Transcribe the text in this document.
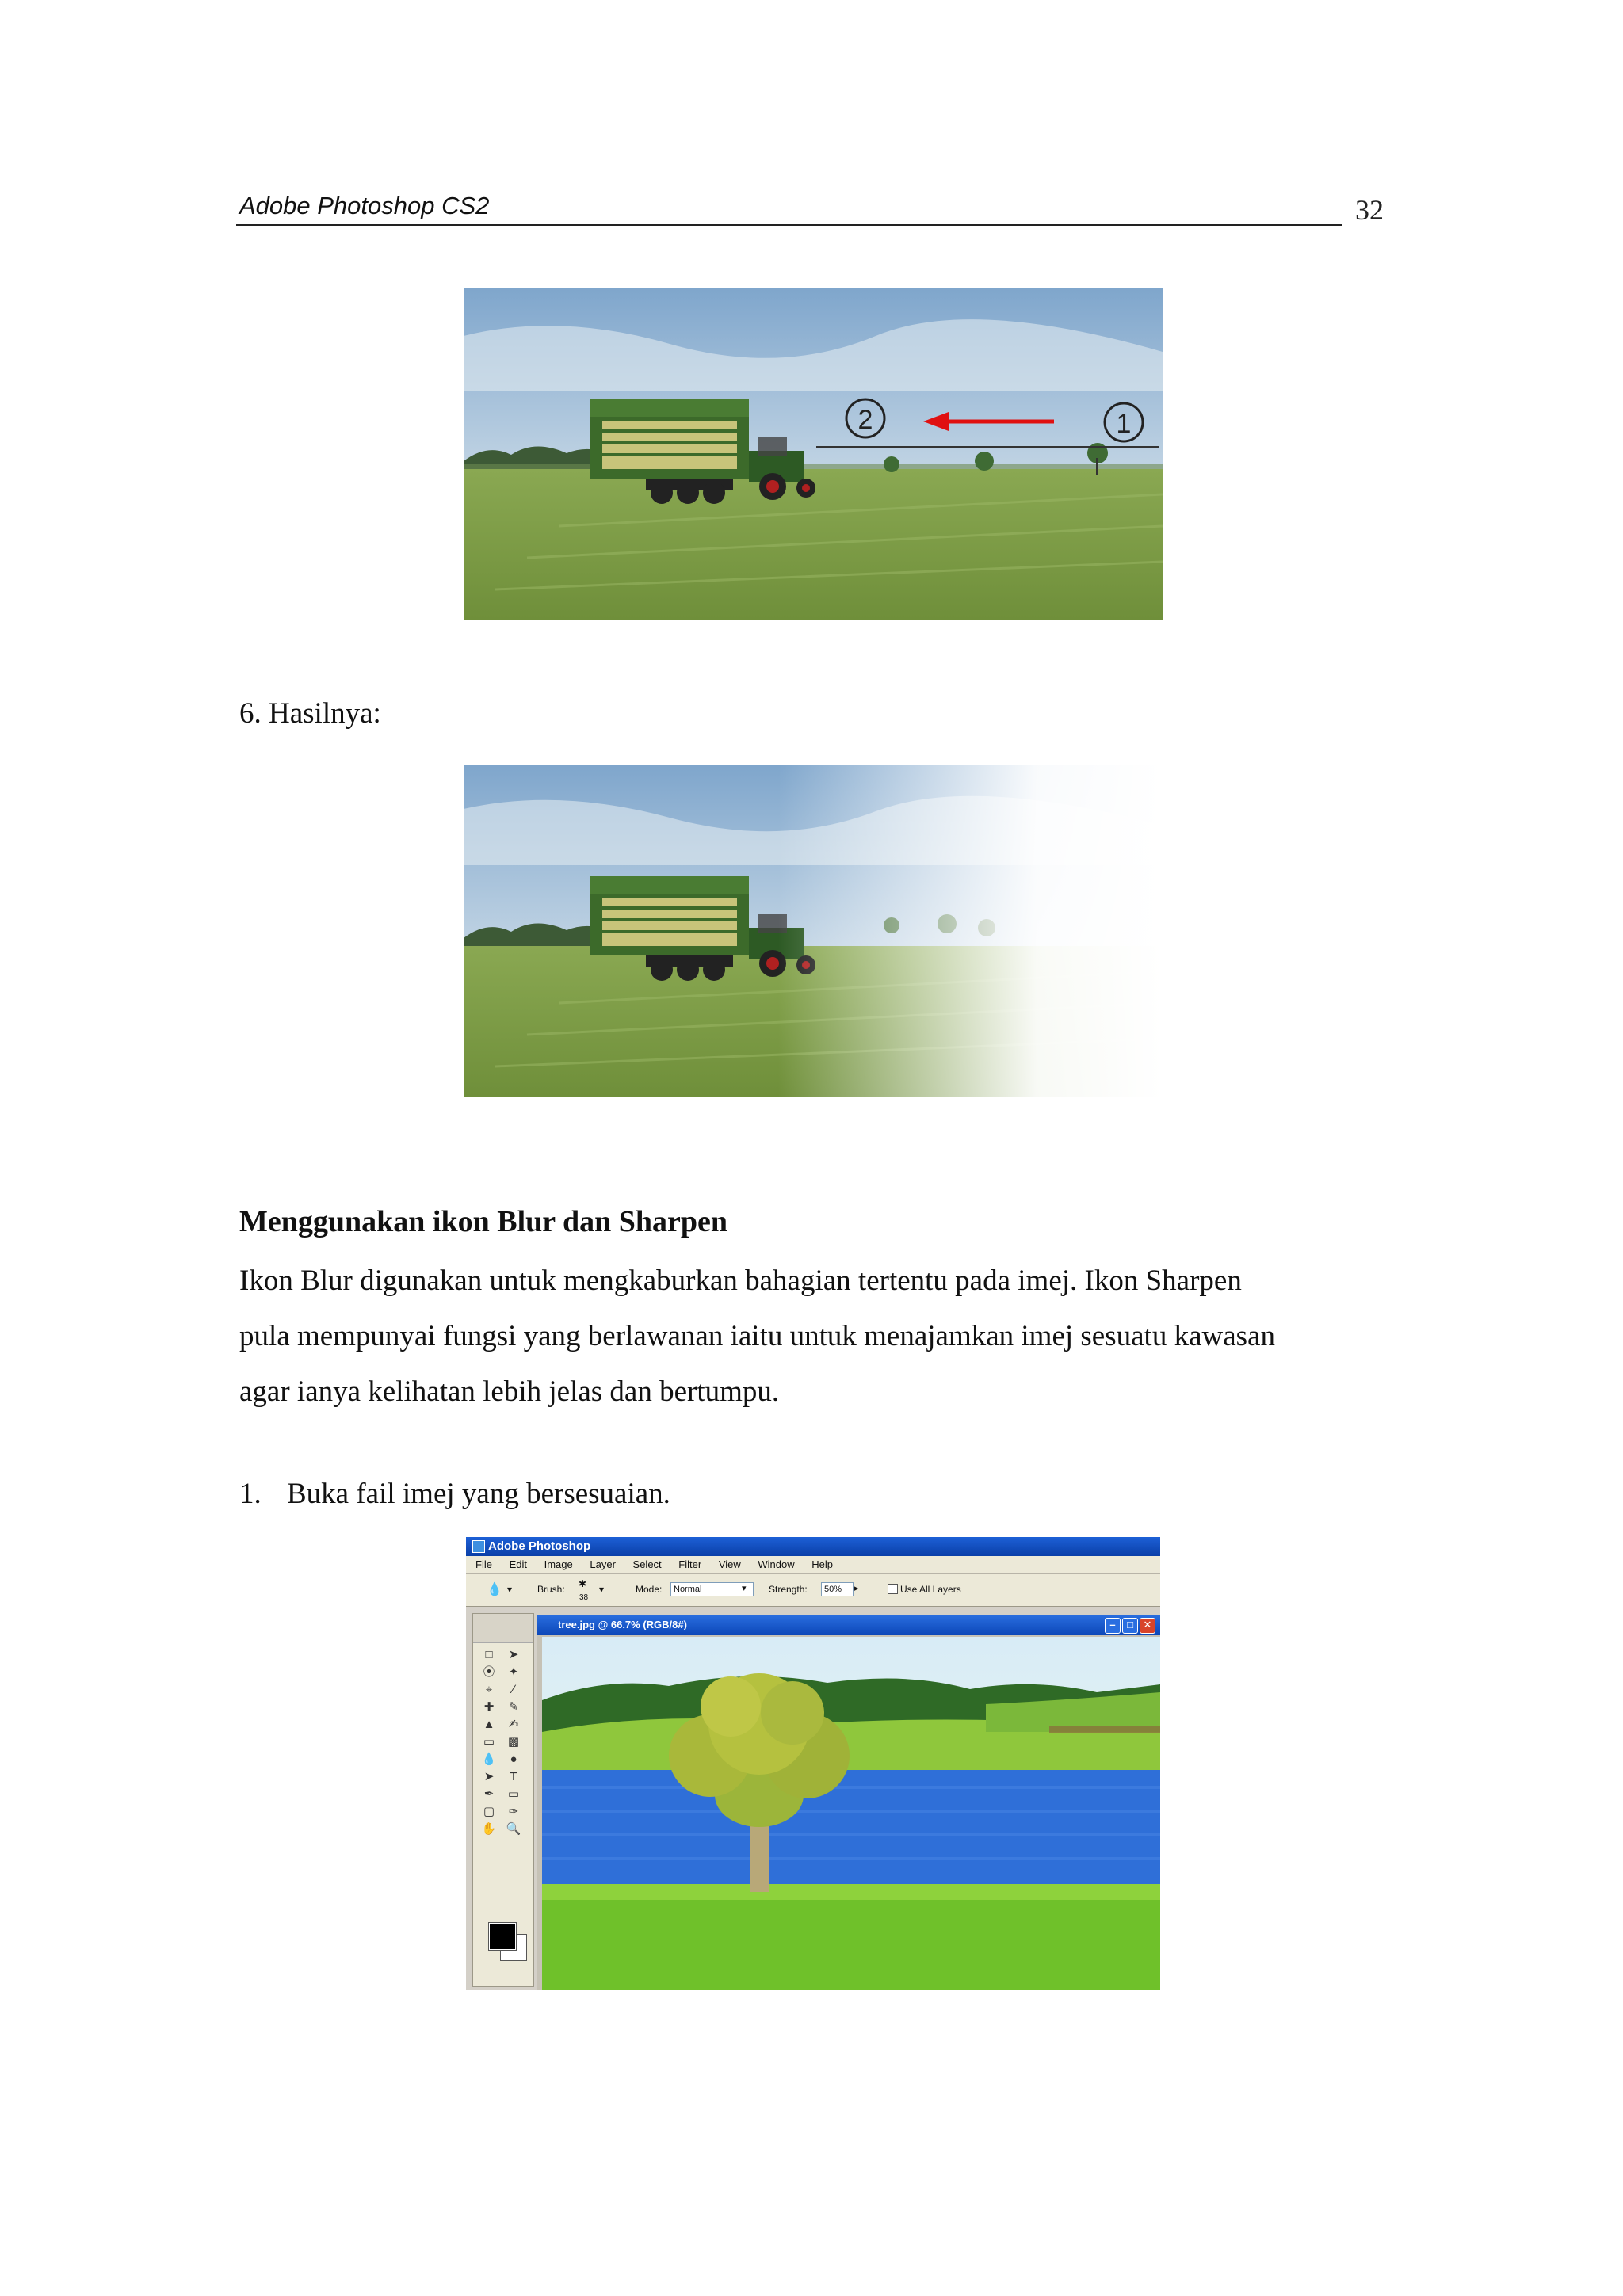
Adobe Photoshop CS2	32
2	1
6. Hasilnya:
Menggunakan ikon Blur dan Sharpen
Ikon Blur digunakan untuk mengkaburkan bahagian tertentu pada imej. Ikon Sharpen
pula mempunyai fungsi yang berlawanan iaitu untuk menajamkan imej sesuatu kawasan
agar ianya kelihatan lebih jelas dan bertumpu.
1. Buka fail imej yang bersesuaian.
Adobe Photoshop
File Edit Image Layer Select Filter View Window Help
💧 ▾	Brush: ✱
38
▾	Mode:	Normal	▾ Strength:	50%	▸	Use All Layers
□	➤
⦿ ✦
⌖	∕
✚ ✎
▲ ✍
▭ ▩
💧	●
➤	T
✒ ▭
▢ ✑
✋ 🔍
tree.jpg @ 66.7% (RGB/8#)	–	□ ✕
